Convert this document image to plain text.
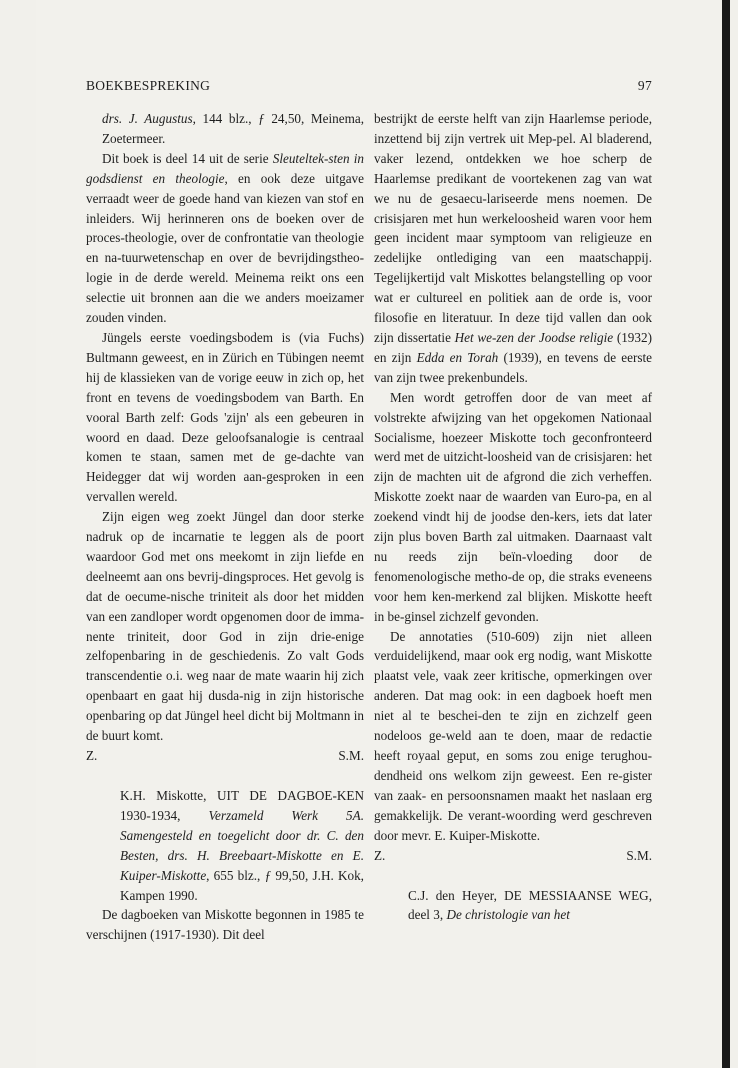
BOEKBESPREKING	97

drs. J. Augustus, 144 blz., ƒ 24,50, Meinema, Zoetermeer.

Dit boek is deel 14 uit de serie Sleuteltek-sten in godsdienst en theologie, en ook deze uitgave verraadt weer de goede hand van kiezen van stof en inleiders. Wij herinneren ons de boeken over de proces-theologie, over de confrontatie van theologie en na-tuurwetenschap en over de bevrijdingstheo-logie in de derde wereld. Meinema reikt ons een selectie uit bronnen aan die we anders moeizamer zouden vinden.

Jüngels eerste voedingsbodem is (via Fuchs) Bultmann geweest, en in Zürich en Tübingen neemt hij de klassieken van de vorige eeuw in zich op, het front en tevens de voedingsbodem van Barth. En vooral Barth zelf: Gods 'zijn' als een gebeuren in woord en daad. Deze geloofsanalogie is centraal komen te staan, samen met de ge-dachte van Heidegger dat wij worden aan-gesproken in een vervallen wereld.

Zijn eigen weg zoekt Jüngel dan door sterke nadruk op de incarnatie te leggen als de poort waardoor God met ons meekomt in zijn liefde en deelneemt aan ons bevrij-dingsproces. Het gevolg is dat de oecume-nische triniteit als door het midden van een zandloper wordt opgenomen door de imma-nente triniteit, door God in zijn drie-enige zelfopenbaring in de geschiedenis. Zo valt Gods transcendentie o.i. weg naar de mate waarin hij zich openbaart en gaat hij dusda-nig in zijn historische openbaring op dat Jüngel heel dicht bij Moltmann in de buurt komt.

Z.	S.M.

K.H. Miskotte, UIT DE DAGBOE-KEN 1930-1934, Verzameld Werk 5A. Samengesteld en toegelicht door dr. C. den Besten, drs. H. Breebaart-Miskotte en E. Kuiper-Miskotte, 655 blz., ƒ 99,50, J.H. Kok, Kampen 1990.

De dagboeken van Miskotte begonnen in 1985 te verschijnen (1917-1930). Dit deel

bestrijkt de eerste helft van zijn Haarlemse periode, inzettend bij zijn vertrek uit Mep-pel. Al bladerend, vaker lezend, ontdekken we hoe scherp de Haarlemse predikant de voortekenen zag van wat we nu de gesaecu-lariseerde mens noemen. De crisisjaren met hun werkeloosheid waren voor hem geen incident maar symptoom van religieuze en zedelijke ontlediging van een maatschappij. Tegelijkertijd valt Miskottes belangstelling op voor wat er cultureel en politiek aan de orde is, voor filosofie en literatuur. In deze tijd vallen dan ook zijn dissertatie Het we-zen der Joodse religie (1932) en zijn Edda en Torah (1939), en tevens de eerste van zijn twee prekenbundels.

Men wordt getroffen door de van meet af volstrekte afwijzing van het opgekomen Nationaal Socialisme, hoezeer Miskotte toch geconfronteerd werd met de uitzicht-loosheid van de crisisjaren: het zijn de machten uit de afgrond die zich verheffen. Miskotte zoekt naar de waarden van Euro-pa, en al zoekend vindt hij de joodse den-kers, iets dat later zijn plus boven Barth zal uitmaken. Daarnaast valt nu reeds zijn beïn-vloeding door de fenomenologische metho-de op, die straks eveneens voor hem ken-merkend zal blijken. Miskotte heeft in be-ginsel zichzelf gevonden.

De annotaties (510-609) zijn niet alleen verduidelijkend, maar ook erg nodig, want Miskotte plaatst vele, vaak zeer kritische, opmerkingen over anderen. Dat mag ook: in een dagboek hoeft men niet al te beschei-den te zijn en zichzelf geen nodeloos ge-weld aan te doen, maar de redactie heeft royaal geput, en soms zou enige terughou-dendheid ons welkom zijn geweest. Een re-gister van zaak- en persoonsnamen maakt het naslaan erg gemakkelijk. De verant-woording werd geschreven door mevr. E. Kuiper-Miskotte.

Z.	S.M.

C.J. den Heyer, DE MESSIAANSE WEG, deel 3, De christologie van het
